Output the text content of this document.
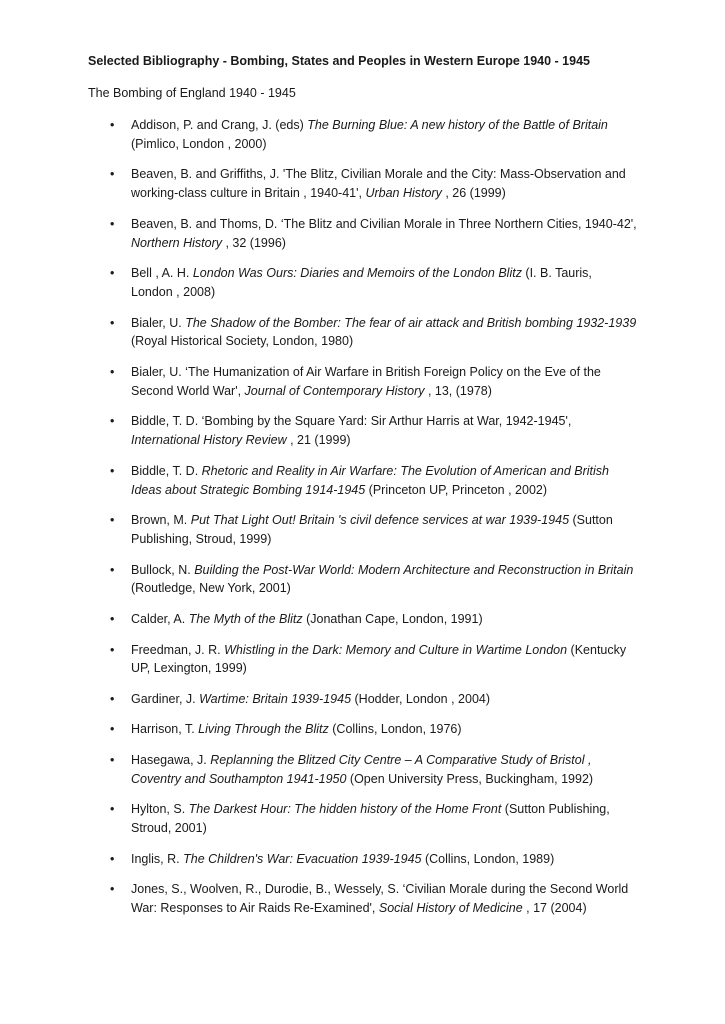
Selected Bibliography - Bombing, States and Peoples in Western Europe 1940 - 1945

The Bombing of England 1940 - 1945

• Addison, P. and Crang, J. (eds) The Burning Blue: A new history of the Battle of Britain (Pimlico, London , 2000)
• Beaven, B. and Griffiths, J. 'The Blitz, Civilian Morale and the City: Mass-Observation and working-class culture in Britain , 1940-41', Urban History , 26 (1999)
• Beaven, B. and Thoms, D. ‘The Blitz and Civilian Morale in Three Northern Cities, 1940-42', Northern History , 32 (1996)
• Bell , A. H. London Was Ours: Diaries and Memoirs of the London Blitz (I. B. Tauris, London , 2008)
• Bialer, U. The Shadow of the Bomber: The fear of air attack and British bombing 1932-1939 (Royal Historical Society, London, 1980)
• Bialer, U. ‘The Humanization of Air Warfare in British Foreign Policy on the Eve of the Second World War', Journal of Contemporary History , 13, (1978)
• Biddle, T. D. ‘Bombing by the Square Yard: Sir Arthur Harris at War, 1942-1945', International History Review , 21 (1999)
• Biddle, T. D. Rhetoric and Reality in Air Warfare: The Evolution of American and British Ideas about Strategic Bombing 1914-1945 (Princeton UP, Princeton , 2002)
• Brown, M. Put That Light Out! Britain 's civil defence services at war 1939-1945 (Sutton Publishing, Stroud, 1999)
• Bullock, N. Building the Post-War World: Modern Architecture and Reconstruction in Britain (Routledge, New York, 2001)
• Calder, A. The Myth of the Blitz (Jonathan Cape, London, 1991)
• Freedman, J. R. Whistling in the Dark: Memory and Culture in Wartime London (Kentucky UP, Lexington, 1999)
• Gardiner, J. Wartime: Britain 1939-1945 (Hodder, London , 2004)
• Harrison, T. Living Through the Blitz (Collins, London, 1976)
• Hasegawa, J. Replanning the Blitzed City Centre – A Comparative Study of Bristol , Coventry and Southampton 1941-1950 (Open University Press, Buckingham, 1992)
• Hylton, S. The Darkest Hour: The hidden history of the Home Front (Sutton Publishing, Stroud, 2001)
• Inglis, R. The Children's War: Evacuation 1939-1945 (Collins, London, 1989)
• Jones, S., Woolven, R., Durodie, B., Wessely, S. ‘Civilian Morale during the Second World War: Responses to Air Raids Re-Examined', Social History of Medicine , 17 (2004)
